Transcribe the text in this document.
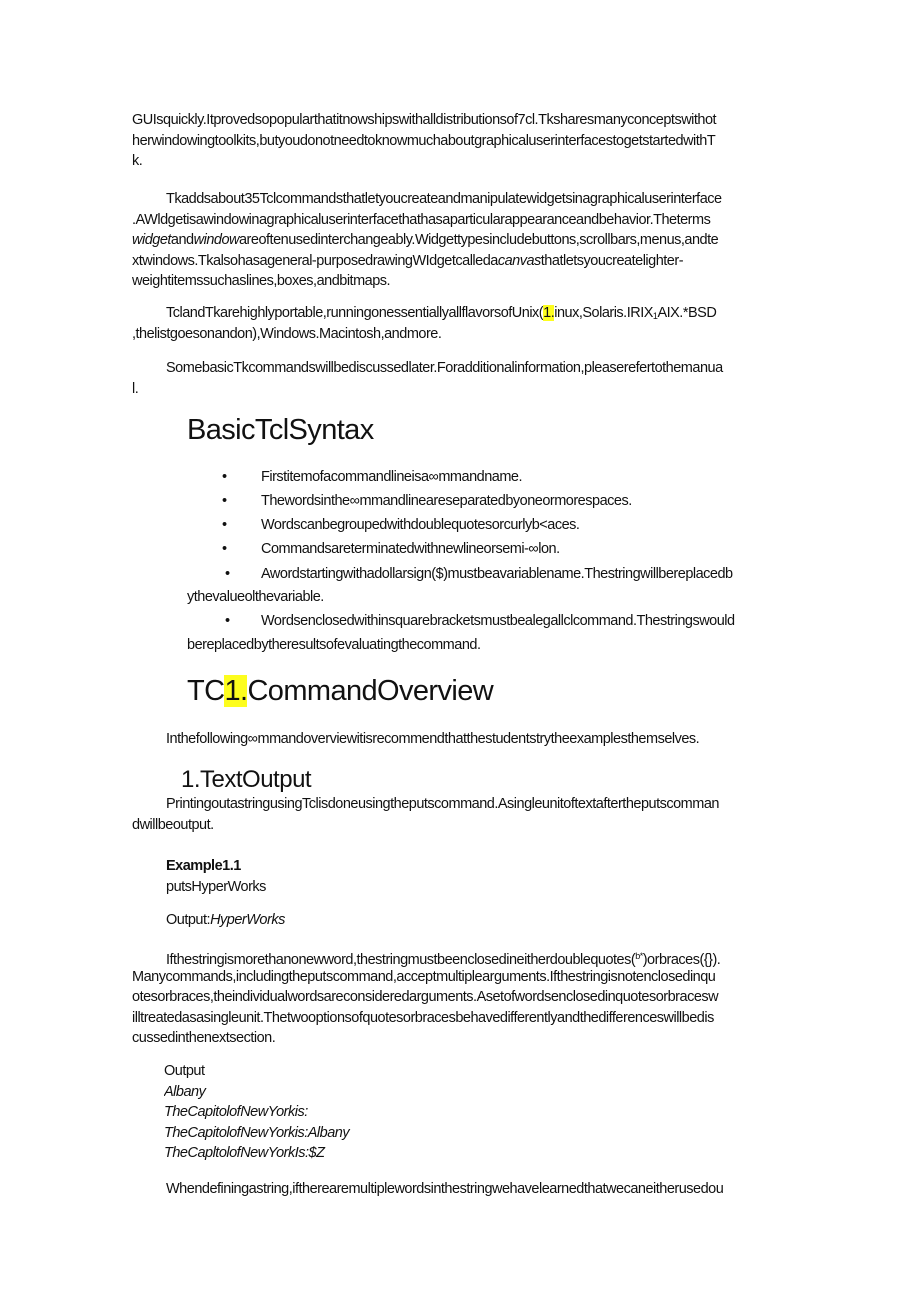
GUIsquickly.Itprovedsopopularthatitnowshipswithalldistributionsof7cl.Tksharesmanyconceptswithot
herwindowingtoolkits,butyoudonotneedtoknowmuchaboutgraphicaluserinterfacestogetstartedwithT
k.
Tkaddsabout35Tclcommandsthatletyoucreateandmanipulatewidgetsinagraphicaluserinterface
.AWldgetisawindowinagraphicaluserinterfacethathasaparticularappearanceandbehavior.Theterms
widgetandwindowareoftenusedinterchangeably.Widgettypesincludebuttons,scrollbars,menus,andte
xtwindows.Tkalsohasageneral-purposedrawingWIdgetcalledacanvasthatletsyoucreatelighter-
weightitemssuchaslines,boxes,andbitmaps.
$TclandTkarehighlyportable,runningonessentiallyallflavorsofUnix(1.inux,Solaris.IRIX_1AIX.*BSD$
,thelistgoesonandon),Windows.Macintosh,andmore.
SomebasicTkcommandswillbediscussedlater.Foradditionalinformation,pleaserefertothemanua
l.
BasicTclSyntax
• Firstitemofacommandlineisa∞mmandname.
• Thewordsinthe∞mmandlineareseparatedbyoneormorespaces.
• Wordscanbegroupedwithdoublequotesorcurlyb<aces.
• Commandsareterminatedwithnewlineorsemi-∞lon.
• Awordstartingwithadollarsign($)mustbeavariablename.Thestringwillbereplacedb
ythevalueolthevariable.
• Wordsenclosedwithinsquarebracketsmustbealegallclcommand.Thestringswould
bereplacedbytheresultsofevaluatingthecommand.
TC1.CommandOverview
Inthefollowing∞mmandoverviewitisrecommendthatthestudentstrytheexamplesthemselves.
1.TextOutput
PrintingoutastringusingTclisdoneusingtheputscommand.Asingleunitoftextaftertheputscomman
dwillbeoutput.
Example1.1
putsHyperWorks
Output:HyperWorks
Ifthestringismorethanonewword,thestringmustbeenclosedineitherdoublequotes($^{b*}$)orbraces({}).
Manycommands,includingtheputscommand,acceptmultiplearguments.Ifthestringisnotenclosedinqu
otesorbraces,theindividualwordsareconsideredarguments.Asetofwordsenclosedinquotesorbracesw
illtreatedasasingleunit.Thetwooptionsofquotesorbracesbehavedifferentlyandthedifferenceswillbedis
cussedinthenextsection.
Output
Albany
TheCapitolofNewYorkis:
TheCapitolofNewYorkis:Albany
TheCapltolofNewYorkIs:$Z
Whendefiningastring,iftherearemultiplewordsinthestringwehavelearnedthatwecaneitherusedou
